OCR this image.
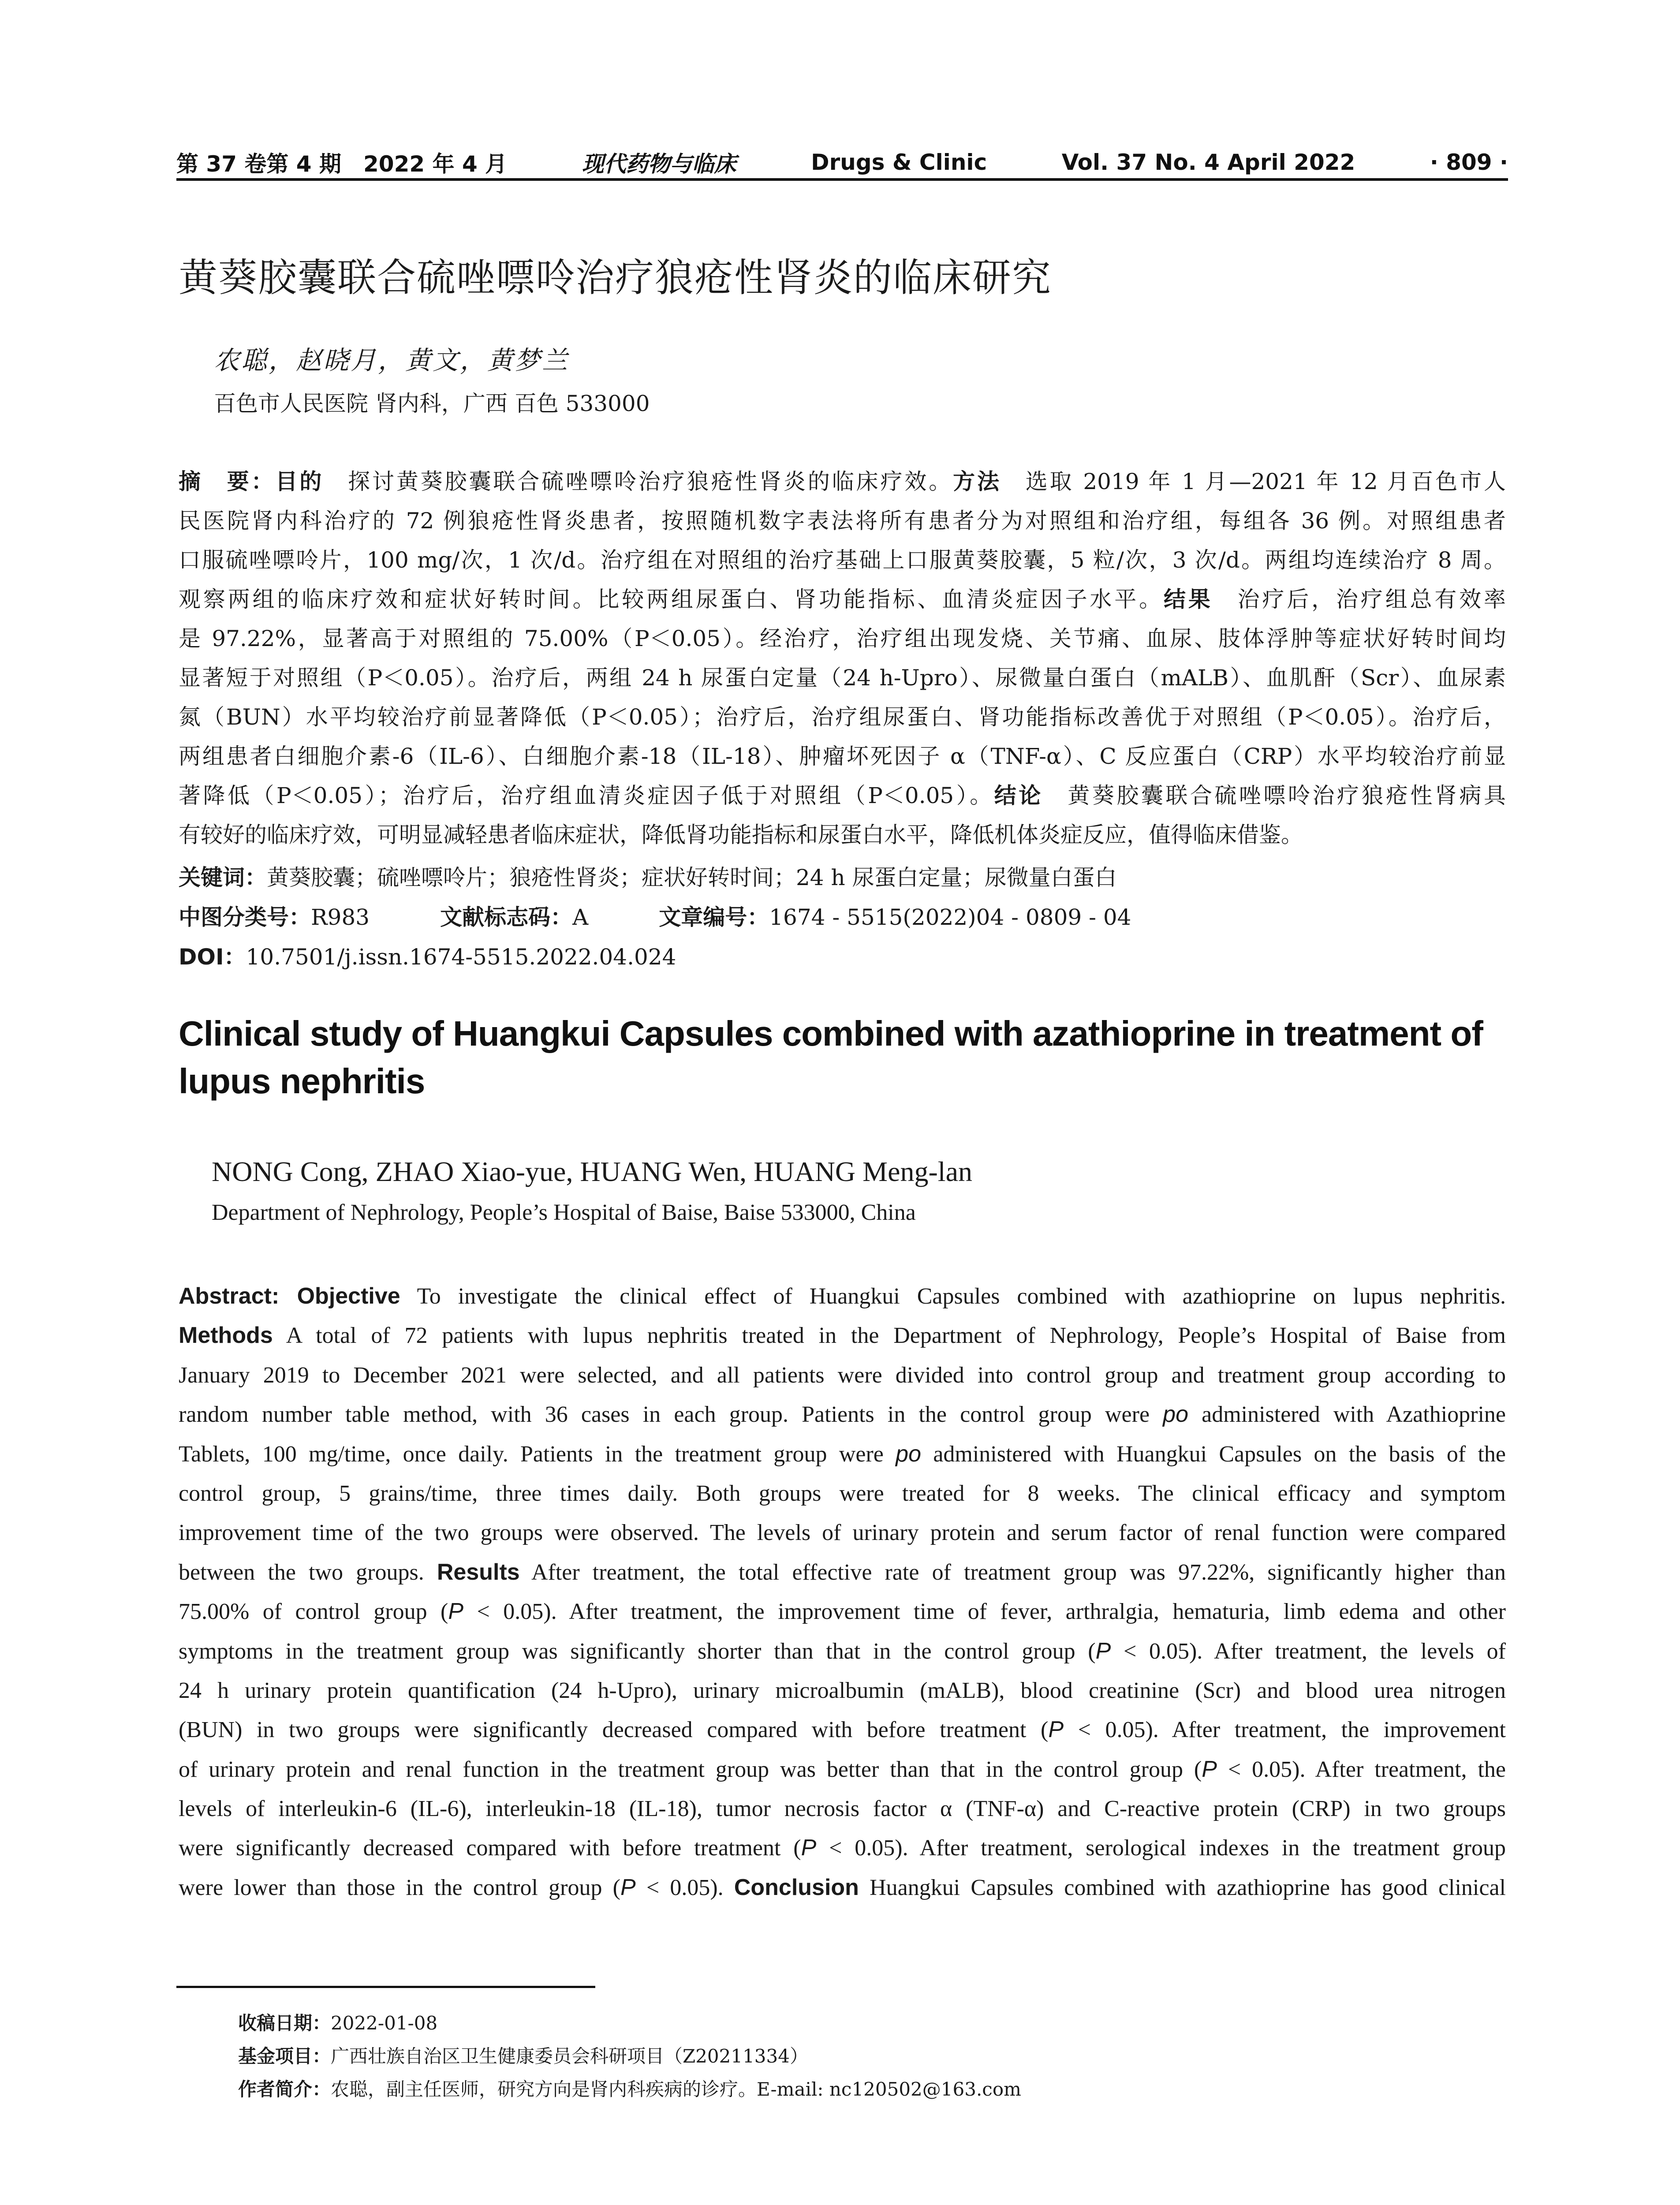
第 37 卷第 4 期　2022 年 4 月	现代药物与临床	Drugs & Clinic	Vol. 37 No. 4 April 2022	· 809 ·
黄葵胶囊联合硫唑嘌呤治疗狼疮性肾炎的临床研究
农聪，赵晓月，黄文，黄梦兰
百色市人民医院 肾内科，广西 百色 533000
摘　要：目的　探讨黄葵胶囊联合硫唑嘌呤治疗狼疮性肾炎的临床疗效。方法　选取 2019 年 1 月—2021 年 12 月百色市人
民医院肾内科治疗的 72 例狼疮性肾炎患者，按照随机数字表法将所有患者分为对照组和治疗组，每组各 36 例。对照组患者
口服硫唑嘌呤片，100 mg/次，1 次/d。治疗组在对照组的治疗基础上口服黄葵胶囊，5 粒/次，3 次/d。两组均连续治疗 8 周。
观察两组的临床疗效和症状好转时间。比较两组尿蛋白、肾功能指标、血清炎症因子水平。结果　治疗后，治疗组总有效率
是 97.22%，显著高于对照组的 75.00%（P＜0.05）。经治疗，治疗组出现发烧、关节痛、血尿、肢体浮肿等症状好转时间均
显著短于对照组（P＜0.05）。治疗后，两组 24 h 尿蛋白定量（24 h-Upro）、尿微量白蛋白（mALB）、血肌酐（Scr）、血尿素
氮（BUN）水平均较治疗前显著降低（P＜0.05）；治疗后，治疗组尿蛋白、肾功能指标改善优于对照组（P＜0.05）。治疗后，
两组患者白细胞介素-6（IL-6）、白细胞介素-18（IL-18）、肿瘤坏死因子 α（TNF-α）、C 反应蛋白（CRP）水平均较治疗前显
著降低（P＜0.05）；治疗后，治疗组血清炎症因子低于对照组（P＜0.05）。结论　黄葵胶囊联合硫唑嘌呤治疗狼疮性肾病具
有较好的临床疗效，可明显减轻患者临床症状，降低肾功能指标和尿蛋白水平，降低机体炎症反应，值得临床借鉴。
关键词：黄葵胶囊；硫唑嘌呤片；狼疮性肾炎；症状好转时间；24 h 尿蛋白定量；尿微量白蛋白
中图分类号：R983	文献标志码：A	文章编号：1674 - 5515(2022)04 - 0809 - 04
DOI：10.7501/j.issn.1674-5515.2022.04.024
Clinical study of Huangkui Capsules combined with azathioprine in treatment of lupus nephritis
NONG Cong, ZHAO Xiao-yue, HUANG Wen, HUANG Meng-lan
Department of Nephrology, People’s Hospital of Baise, Baise 533000, China
Abstract: Objective To investigate the clinical effect of Huangkui Capsules combined with azathioprine on lupus nephritis.
Methods A total of 72 patients with lupus nephritis treated in the Department of Nephrology, People’s Hospital of Baise from
January 2019 to December 2021 were selected, and all patients were divided into control group and treatment group according to
random number table method, with 36 cases in each group. Patients in the control group were po administered with Azathioprine
Tablets, 100 mg/time, once daily. Patients in the treatment group were po administered with Huangkui Capsules on the basis of the
control group, 5 grains/time, three times daily. Both groups were treated for 8 weeks. The clinical efficacy and symptom
improvement time of the two groups were observed. The levels of urinary protein and serum factor of renal function were compared
between the two groups. Results After treatment, the total effective rate of treatment group was 97.22%, significantly higher than
75.00% of control group (P < 0.05). After treatment, the improvement time of fever, arthralgia, hematuria, limb edema and other
symptoms in the treatment group was significantly shorter than that in the control group (P < 0.05). After treatment, the levels of
24 h urinary protein quantification (24 h-Upro), urinary microalbumin (mALB), blood creatinine (Scr) and blood urea nitrogen
(BUN) in two groups were significantly decreased compared with before treatment (P < 0.05). After treatment, the improvement
of urinary protein and renal function in the treatment group was better than that in the control group (P < 0.05). After treatment, the
levels of interleukin-6 (IL-6), interleukin-18 (IL-18), tumor necrosis factor α (TNF-α) and C-reactive protein (CRP) in two groups
were significantly decreased compared with before treatment (P < 0.05). After treatment, serological indexes in the treatment group
were lower than those in the control group (P < 0.05). Conclusion Huangkui Capsules combined with azathioprine has good clinical
收稿日期：2022-01-08
基金项目：广西壮族自治区卫生健康委员会科研项目（Z20211334）
作者简介：农聪，副主任医师，研究方向是肾内科疾病的诊疗。E-mail: nc120502@163.com
